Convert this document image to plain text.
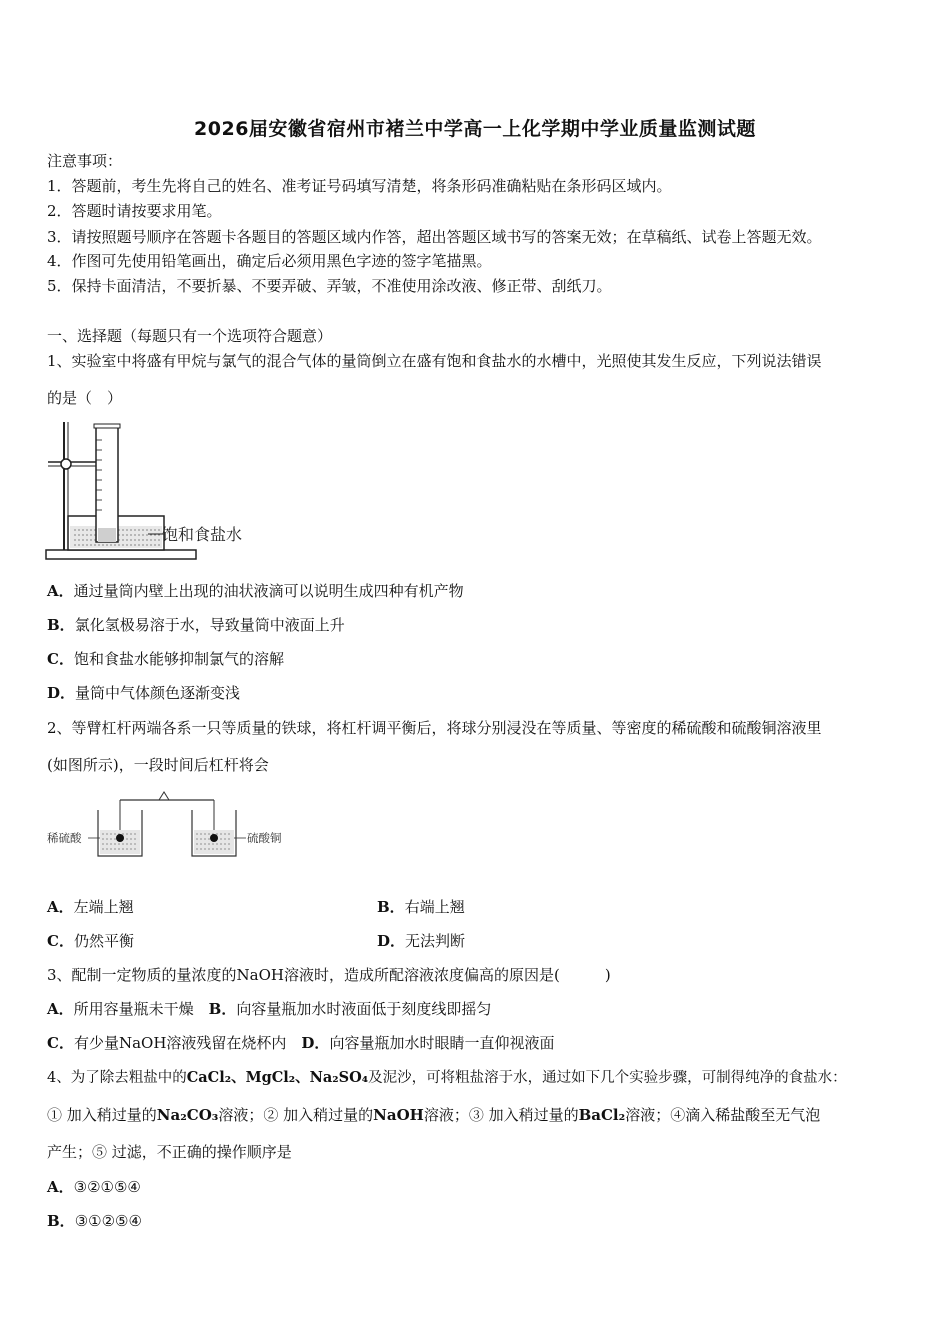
2026届安徽省宿州市褚兰中学高一上化学期中学业质量监测试题
注意事项：
1．答题前，考生先将自己的姓名、准考证号码填写清楚，将条形码准确粘贴在条形码区域内。
2．答题时请按要求用笔。
3．请按照题号顺序在答题卡各题目的答题区域内作答，超出答题区域书写的答案无效；在草稿纸、试卷上答题无效。
4．作图可先使用铅笔画出，确定后必须用黑色字迹的签字笔描黑。
5．保持卡面清洁，不要折暴、不要弄破、弄皱，不准使用涂改液、修正带、刮纸刀。
一、选择题（每题只有一个选项符合题意）
1、实验室中将盛有甲烷与氯气的混合气体的量筒倒立在盛有饱和食盐水的水槽中，光照使其发生反应，下列说法错误
的是（　）
饱和食盐水
A．通过量筒内壁上出现的油状液滴可以说明生成四种有机产物
B．氯化氢极易溶于水，导致量筒中液面上升
C．饱和食盐水能够抑制氯气的溶解
D．量筒中气体颜色逐渐变浅
2、等臂杠杆两端各系一只等质量的铁球，将杠杆调平衡后，将球分别浸没在等质量、等密度的稀硫酸和硫酸铜溶液里
(如图所示)，一段时间后杠杆将会
稀硫酸	硫酸铜
A．左端上翘	B．右端上翘
C．仍然平衡	D．无法判断
3、配制一定物质的量浓度的NaOH溶液时，造成所配溶液浓度偏高的原因是(　　　)
A．所用容量瓶未干燥　 B．向容量瓶加水时液面低于刻度线即摇匀
C．有少量NaOH溶液残留在烧杯内　 D．向容量瓶加水时眼睛一直仰视液面
4、为了除去粗盐中的CaCl₂、MgCl₂、Na₂SO₄及泥沙，可将粗盐溶于水，通过如下几个实验步骤，可制得纯净的食盐水：
① 加入稍过量的Na₂CO₃溶液；② 加入稍过量的NaOH溶液；③ 加入稍过量的BaCl₂溶液；④滴入稀盐酸至无气泡
产生；⑤ 过滤，不正确的操作顺序是
A．③②①⑤④
B．③①②⑤④
